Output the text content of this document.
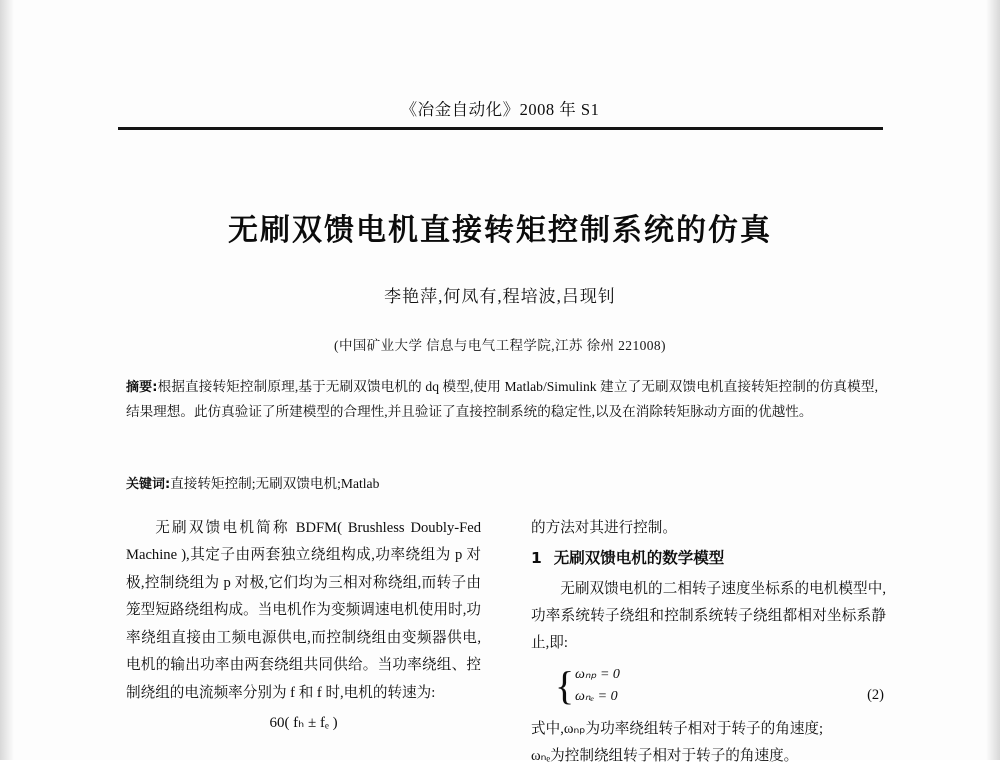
《冶金自动化》2008 年 S1
无刷双馈电机直接转矩控制系统的仿真
李艳萍,何凤有,程培波,吕现钊
(中国矿业大学 信息与电气工程学院,江苏 徐州 221008)
摘要:根据直接转矩控制原理,基于无刷双馈电机的 dq 模型,使用 Matlab/Simulink 建立了无刷双馈电机直接转矩控制的仿真模型,结果理想。此仿真验证了所建模型的合理性,并且验证了直接控制系统的稳定性,以及在消除转矩脉动方面的优越性。
关键词:直接转矩控制;无刷双馈电机;Matlab

无刷双馈电机简称 BDFM( Brushless Doubly-Fed Machine ),其定子由两套独立绕组构成,功率绕组为 p 对极,控制绕组为 p 对极,它们均为三相对称绕组,而转子由笼型短路绕组构成。当电机作为变频调速电机使用时,功率绕组直接由工频电源供电,而控制绕组由变频器供电,电机的输出功率由两套绕组共同供给。当功率绕组、控制绕组的电流频率分别为 f 和 f 时,电机的转速为:

60( fₕ ± fₑ )

的方法对其进行控制。

1 无刷双馈电机的数学模型

无刷双馈电机的二相转子速度坐标系的电机模型中,功率系统转子绕组和控制系统转子绕组都相对坐标系静止,即:

{ ωₙₚ = 0
ωₙₑ = 0	(2)

式中,ωₙₚ为功率绕组转子相对于转子的角速度;

ωₙₑ为控制绕组转子相对于转子的角速度。
